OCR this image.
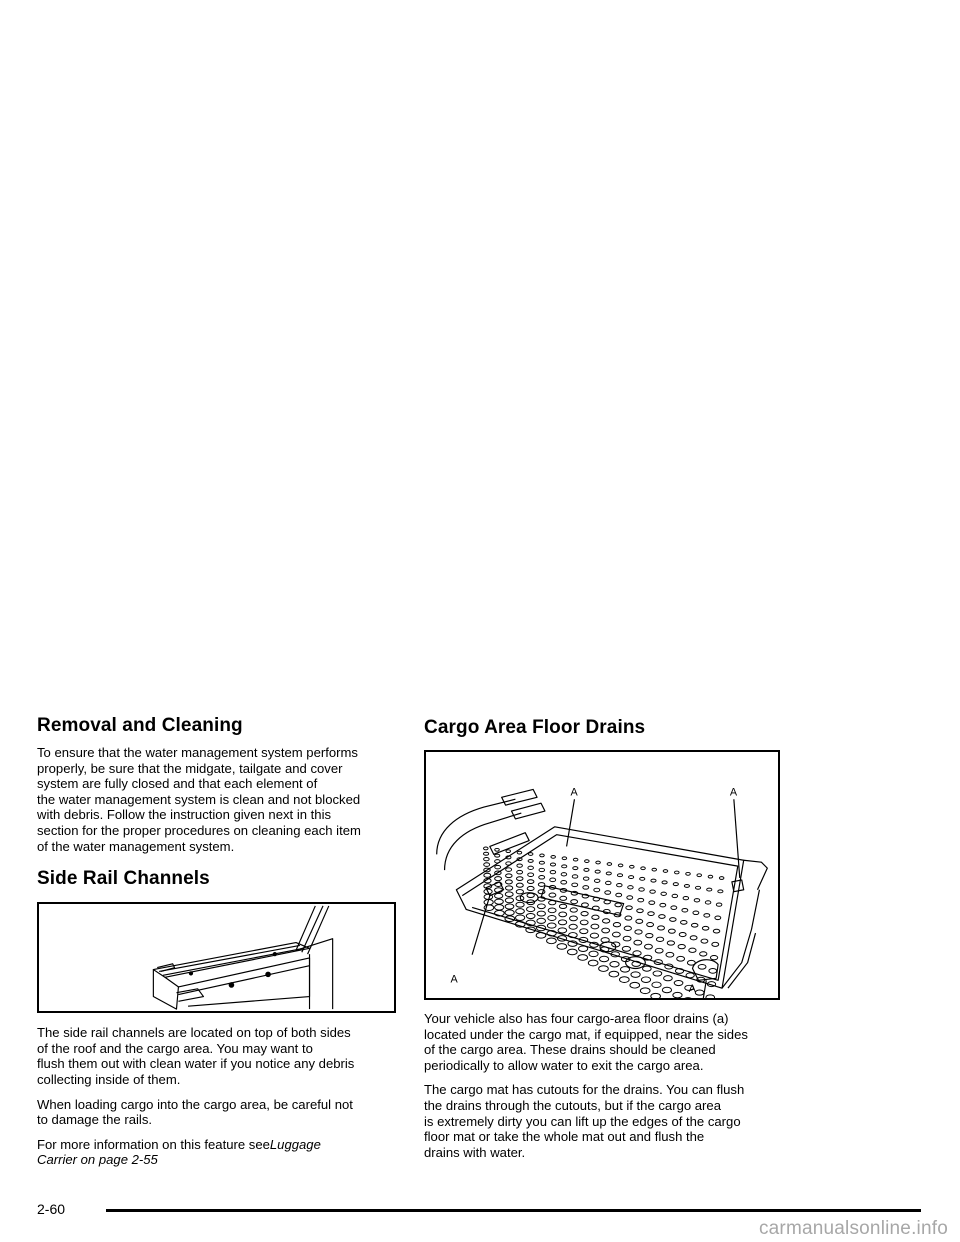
Removal and Cleaning

To ensure that the water management system performs
properly, be sure that the midgate, tailgate and cover
system are fully closed and that each element of
the water management system is clean and not blocked
with debris. Follow the instruction given next in this
section for the proper procedures on cleaning each item
of the water management system.

Side Rail Channels

The side rail channels are located on top of both sides
of the roof and the cargo area. You may want to
flush them out with clean water if you notice any debris
collecting inside of them.

When loading cargo into the cargo area, be careful not
to damage the rails.

For more information on this feature seeLuggage
Carrier on page 2-55

Cargo Area Floor Drains
A	A
A
A

Your vehicle also has four cargo-area floor drains (a)
located under the cargo mat, if equipped, near the sides
of the cargo area. These drains should be cleaned
periodically to allow water to exit the cargo area.

The cargo mat has cutouts for the drains. You can flush
the drains through the cutouts, but if the cargo area
is extremely dirty you can lift up the edges of the cargo
floor mat or take the whole mat out and flush the
drains with water.

2-60
carmanualsonline.info
